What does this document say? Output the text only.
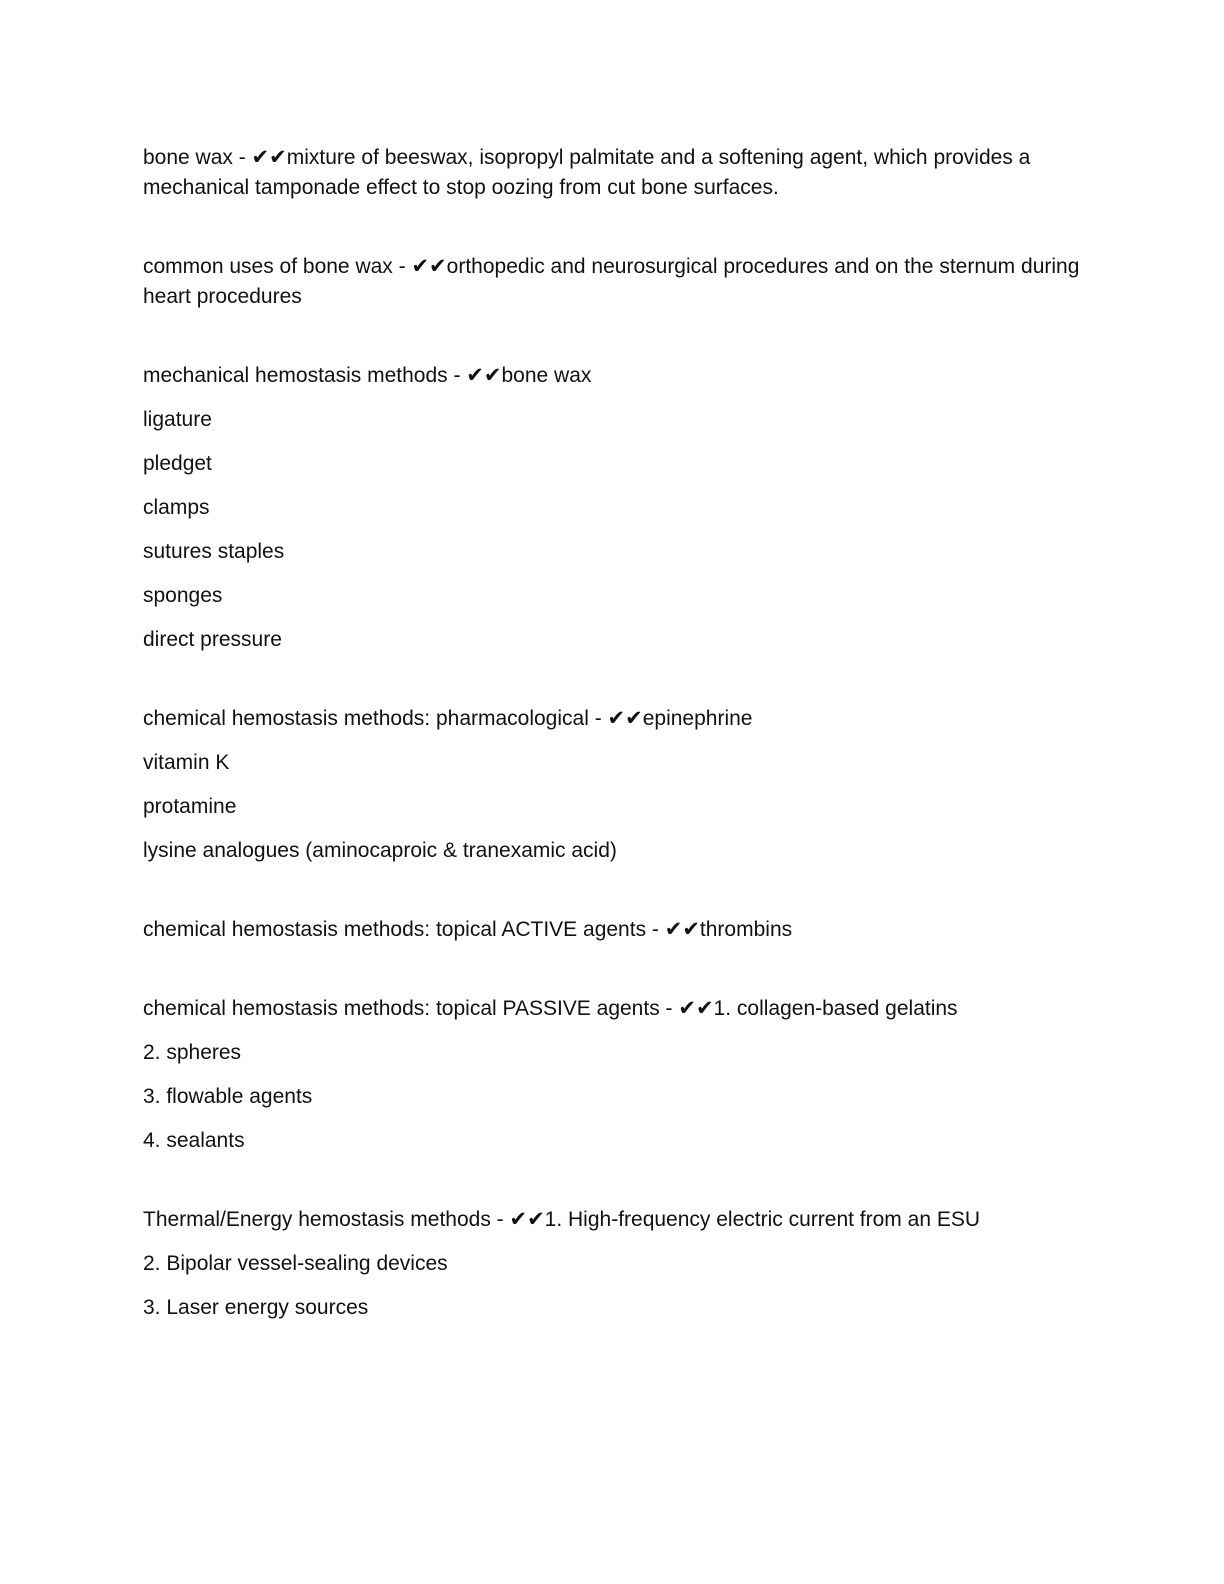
bone wax - ✔✔mixture of beeswax, isopropyl palmitate and a softening agent, which provides a
mechanical tamponade effect to stop oozing from cut bone surfaces.

common uses of bone wax - ✔✔orthopedic and neurosurgical procedures and on the sternum during
heart procedures

mechanical hemostasis methods - ✔✔bone wax

ligature

pledget

clamps

sutures staples

sponges

direct pressure

chemical hemostasis methods: pharmacological - ✔✔epinephrine

vitamin K

protamine

lysine analogues (aminocaproic & tranexamic acid)

chemical hemostasis methods: topical ACTIVE agents - ✔✔thrombins

chemical hemostasis methods: topical PASSIVE agents - ✔✔1. collagen-based gelatins

2. spheres

3. flowable agents

4. sealants

Thermal/Energy hemostasis methods - ✔✔1. High-frequency electric current from an ESU

2. Bipolar vessel-sealing devices

3. Laser energy sources
